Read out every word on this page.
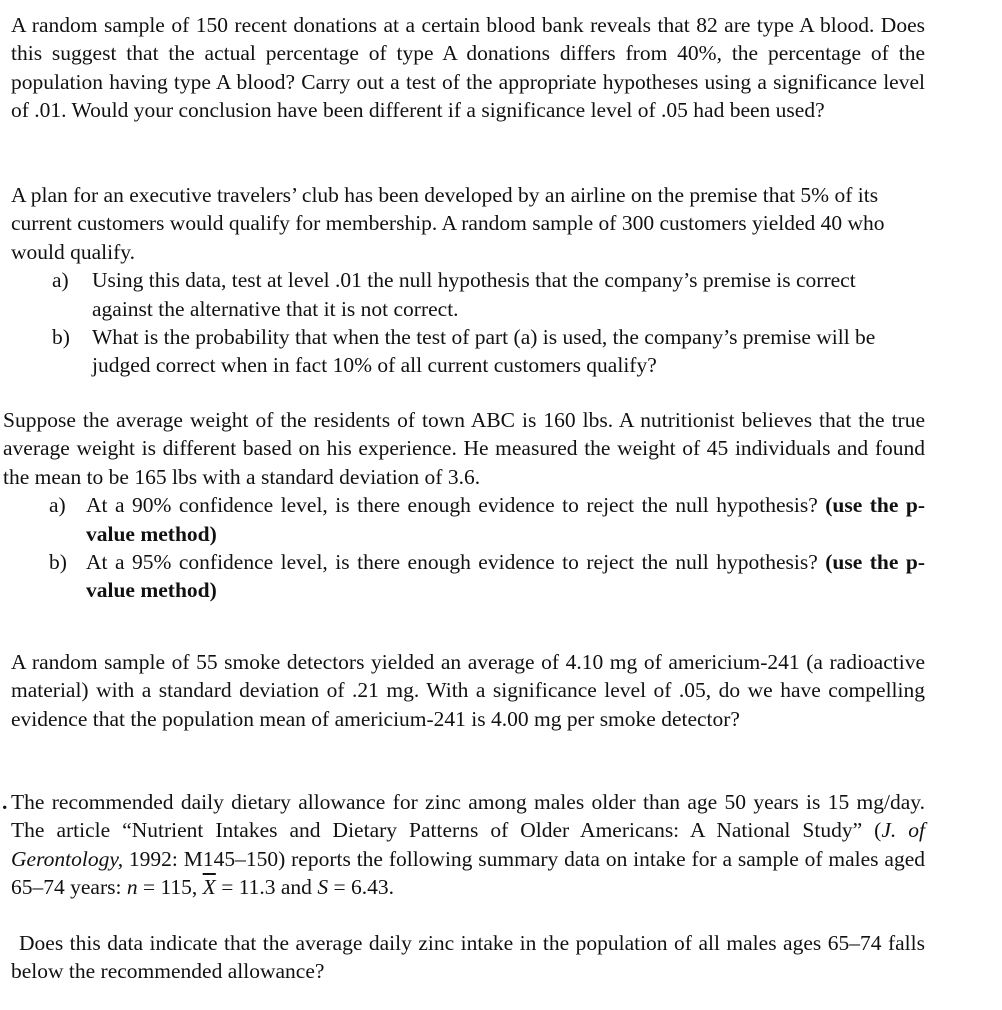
A random sample of 150 recent donations at a certain blood bank reveals that 82 are type A blood. Does this suggest that the actual percentage of type A donations differs from 40%, the percentage of the population having type A blood? Carry out a test of the appropriate hypotheses using a significance level of .01. Would your conclusion have been different if a significance level of .05 had been used?

A plan for an executive travelers’ club has been developed by an airline on the premise that 5% of its current customers would qualify for membership. A random sample of 300 customers yielded 40 who would qualify.
a) Using this data, test at level .01 the null hypothesis that the company’s premise is correct against the alternative that it is not correct.
b) What is the probability that when the test of part (a) is used, the company’s premise will be judged correct when in fact 10% of all current customers qualify?
Suppose the average weight of the residents of town ABC is 160 lbs. A nutritionist believes that the true average weight is different based on his experience. He measured the weight of 45 individuals and found the mean to be 165 lbs with a standard deviation of 3.6.
a) At a 90% confidence level, is there enough evidence to reject the null hypothesis? (use the p-value method)
b) At a 95% confidence level, is there enough evidence to reject the null hypothesis? (use the p-value method)

A random sample of 55 smoke detectors yielded an average of 4.10 mg of americium-241 (a radioactive material) with a standard deviation of .21 mg. With a significance level of .05, do we have compelling evidence that the population mean of americium-241 is 4.00 mg per smoke detector?

. The recommended daily dietary allowance for zinc among males older than age 50 years is 15 mg/day. The article “Nutrient Intakes and Dietary Patterns of Older Americans: A National Study” (J. of Gerontology, 1992: M145–150) reports the following summary data on intake for a sample of males aged 65–74 years: n = 115, $\overline{X} = 11.3$ and S = 6.43.

Does this data indicate that the average daily zinc intake in the population of all males ages 65–74 falls below the recommended allowance?
